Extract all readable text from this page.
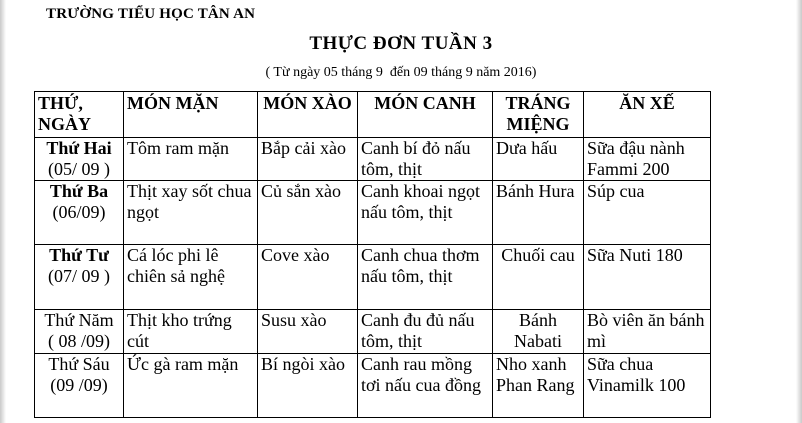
TRƯỜNG TIỂU HỌC TÂN AN
THỰC ĐƠN TUẦN 3
( Từ ngày 05 tháng 9  đến 09 tháng 9 năm 2016)
THỨ, NGÀY	MÓN MẶN	MÓN XÀO	MÓN CANH	TRÁNG MIỆNG	ĂN XẾ

Thứ Hai
(05/ 09 )	Tôm ram mặn	Bắp cải xào	Canh bí đỏ nấu tôm, thịt	Dưa hấu	Sữa đậu nành Fammi 200

Thứ Ba
(06/09)	Thịt xay sốt chua ngọt	Củ sắn xào	Canh khoai ngọt nấu tôm, thịt	Bánh Hura	Súp cua

Thứ Tư
(07/ 09 )	Cá lóc phi lê chiên sả nghệ	Cove xào	Canh chua thơm nấu tôm, thịt	Chuối cau	Sữa Nuti 180

Thứ Năm
( 08 /09)	Thịt kho trứng cút	Susu xào	Canh đu đủ nấu tôm, thịt	Bánh Nabati	Bò viên ăn bánh mì

Thứ Sáu
(09 /09)	Ức gà ram mặn	Bí ngòi xào	Canh rau mồng tơi nấu cua đồng	Nho xanh Phan Rang	Sữa chua Vinamilk 100
